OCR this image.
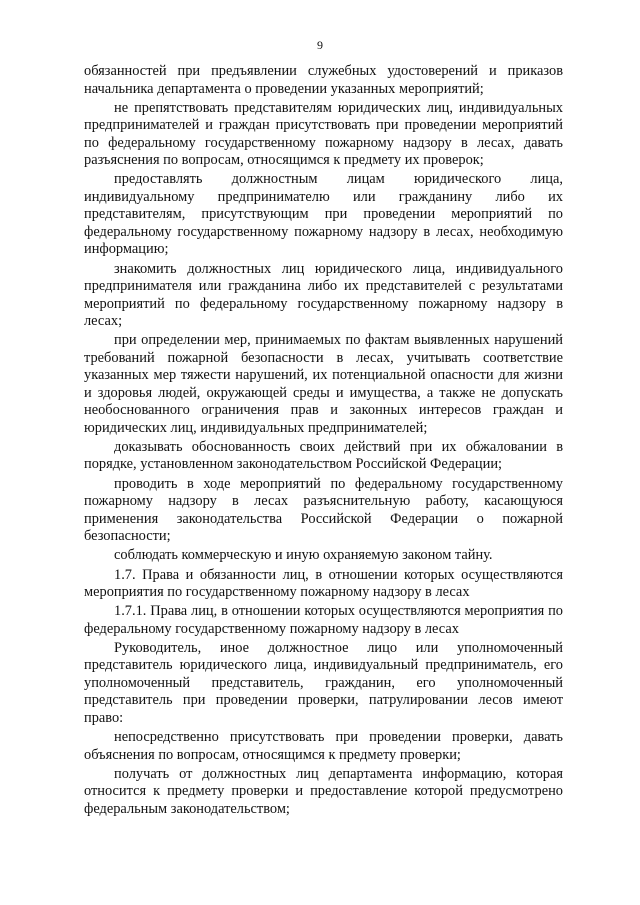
9

обязанностей при предъявлении служебных удостоверений и приказов начальника департамента о проведении указанных мероприятий;

не препятствовать представителям юридических лиц, индивидуальных предпринимателей и граждан присутствовать при проведении мероприятий по федеральному государственному пожарному надзору в лесах, давать разъяснения по вопросам, относящимся к предмету их проверок;

предоставлять должностным лицам юридического лица, индивидуальному предпринимателю или гражданину либо их представителям, присутствующим при проведении мероприятий по федеральному государственному пожарному надзору в лесах, необходимую информацию;

знакомить должностных лиц юридического лица, индивидуального предпринимателя или гражданина либо их представителей с результатами мероприятий по федеральному государственному пожарному надзору в лесах;

при определении мер, принимаемых по фактам выявленных нарушений требований пожарной безопасности в лесах, учитывать соответствие указанных мер тяжести нарушений, их потенциальной опасности для жизни и здоровья людей, окружающей среды и имущества, а также не допускать необоснованного ограничения прав и законных интересов граждан и юридических лиц, индивидуальных предпринимателей;

доказывать обоснованность своих действий при их обжаловании в порядке, установленном законодательством Российской Федерации;

проводить в ходе мероприятий по федеральному государственному пожарному надзору в лесах разъяснительную работу, касающуюся применения законодательства Российской Федерации о пожарной безопасности;

соблюдать коммерческую и иную охраняемую законом тайну.

1.7. Права и обязанности лиц, в отношении которых осуществляются мероприятия по государственному пожарному надзору в лесах

1.7.1. Права лиц, в отношении которых осуществляются мероприятия по федеральному государственному пожарному надзору в лесах

Руководитель, иное должностное лицо или уполномоченный представитель юридического лица, индивидуальный предприниматель, его уполномоченный представитель, гражданин, его уполномоченный представитель при проведении проверки, патрулировании лесов имеют право:

непосредственно присутствовать при проведении проверки, давать объяснения по вопросам, относящимся к предмету проверки;

получать от должностных лиц департамента информацию, которая относится к предмету проверки и предоставление которой предусмотрено федеральным законодательством;
